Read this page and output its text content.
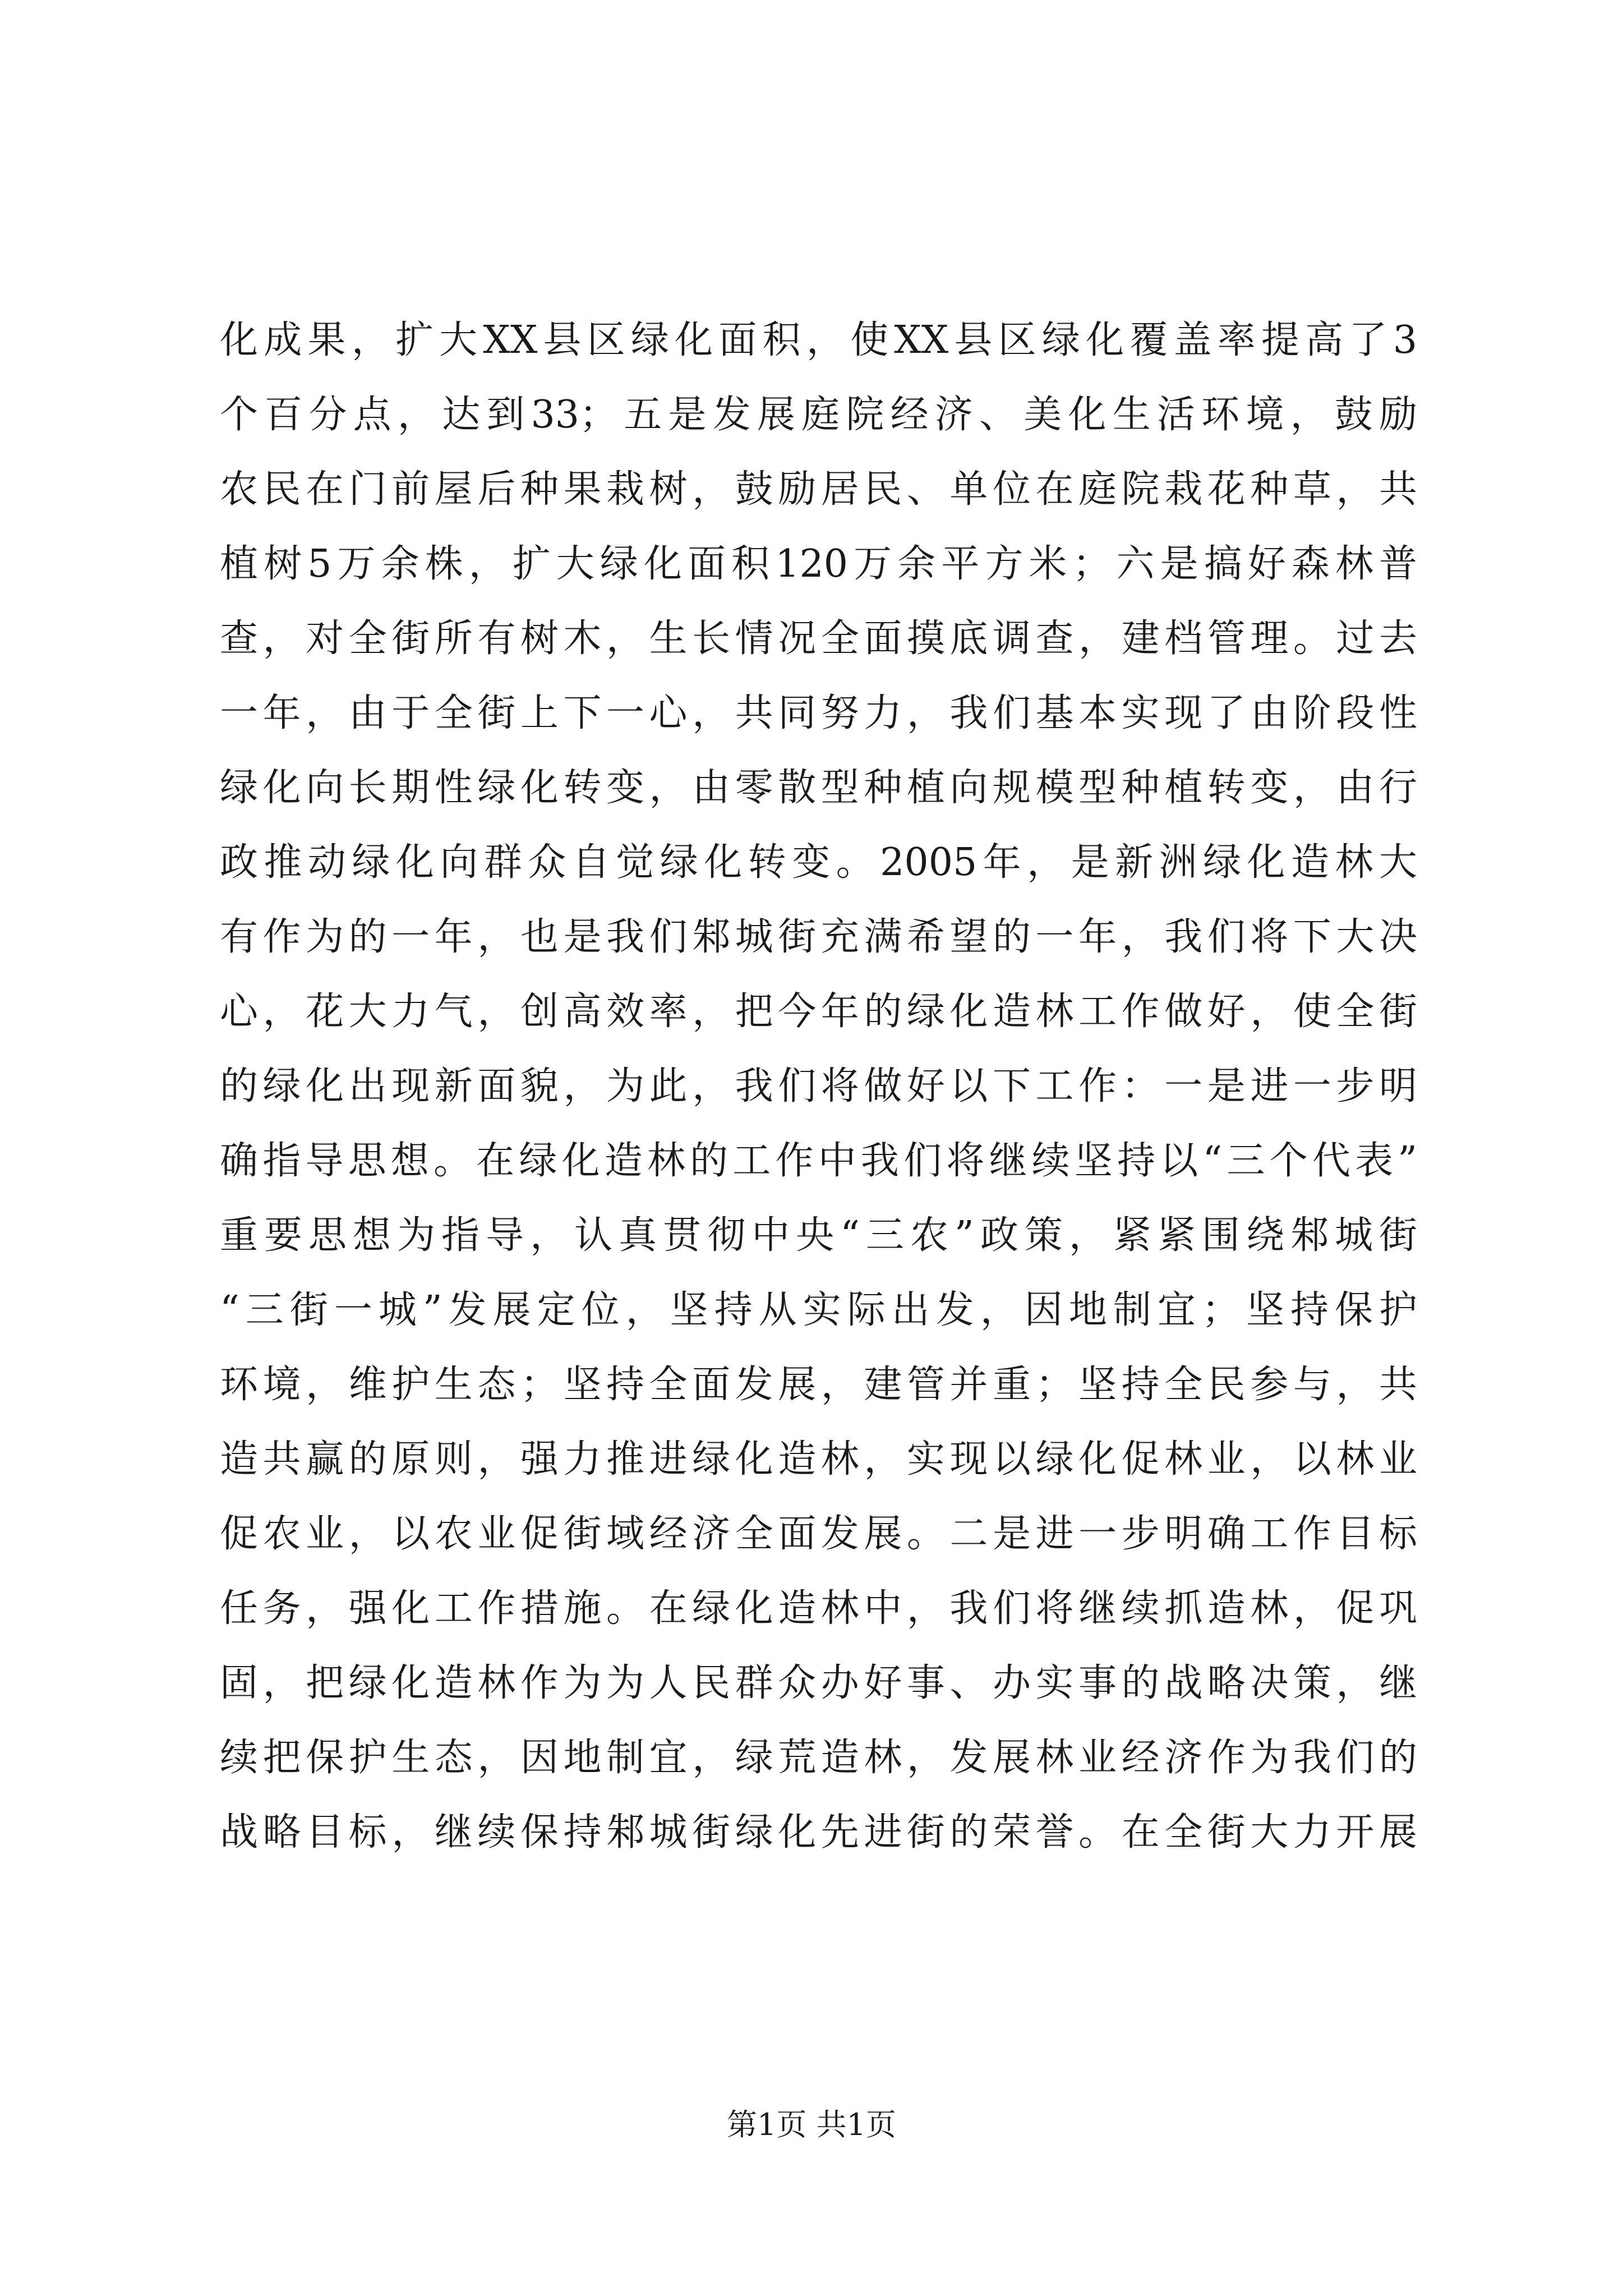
化成果，扩大XX县区绿化面积，使XX县区绿化覆盖率提高了3
个百分点，达到33；五是发展庭院经济、美化生活环境，鼓励
农民在门前屋后种果栽树，鼓励居民、单位在庭院栽花种草，共
植树5万余株，扩大绿化面积120万余平方米；六是搞好森林普
查，对全街所有树木，生长情况全面摸底调查，建档管理。过去
一年，由于全街上下一心，共同努力，我们基本实现了由阶段性
绿化向长期性绿化转变，由零散型种植向规模型种植转变，由行
政推动绿化向群众自觉绿化转变。2005年，是新洲绿化造林大
有作为的一年，也是我们邾城街充满希望的一年，我们将下大决
心，花大力气，创高效率，把今年的绿化造林工作做好，使全街
的绿化出现新面貌，为此，我们将做好以下工作：一是进一步明
确指导思想。在绿化造林的工作中我们将继续坚持以“三个代表”
重要思想为指导，认真贯彻中央“三农”政策，紧紧围绕邾城街
“三街一城”发展定位，坚持从实际出发，因地制宜；坚持保护
环境，维护生态；坚持全面发展，建管并重；坚持全民参与，共
造共赢的原则，强力推进绿化造林，实现以绿化促林业，以林业
促农业，以农业促街域经济全面发展。二是进一步明确工作目标
任务，强化工作措施。在绿化造林中，我们将继续抓造林，促巩
固，把绿化造林作为为人民群众办好事、办实事的战略决策，继
续把保护生态，因地制宜，绿荒造林，发展林业经济作为我们的
战略目标，继续保持邾城街绿化先进街的荣誉。在全街大力开展
第1页 共1页
